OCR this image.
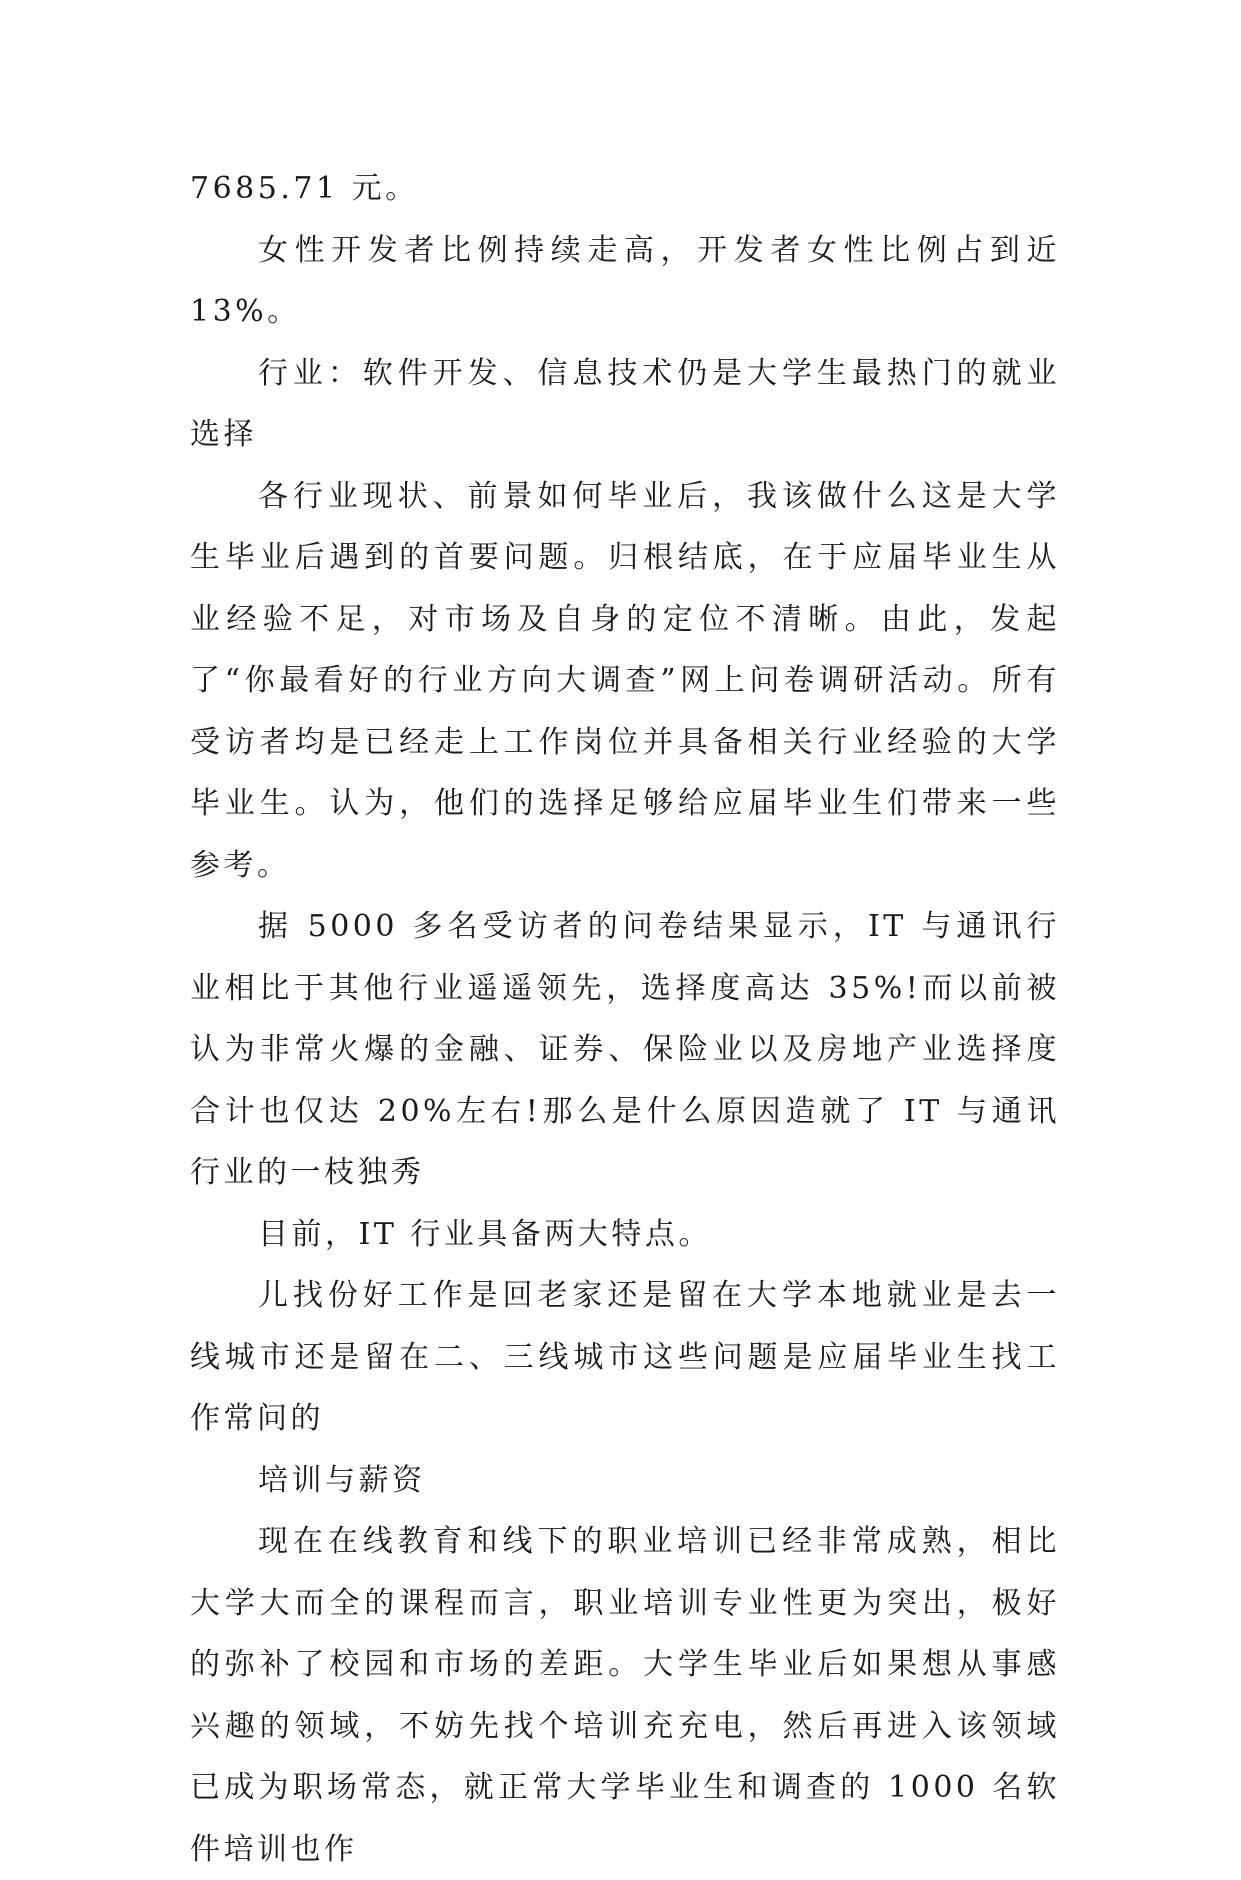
7685.71 元。

女性开发者比例持续走高，开发者女性比例占到近 13%。

行业：软件开发、信息技术仍是大学生最热门的就业选择

各行业现状、前景如何毕业后，我该做什么这是大学生毕业后遇到的首要问题。归根结底，在于应届毕业生从业经验不足，对市场及自身的定位不清晰。由此，发起了“你最看好的行业方向大调查”网上问卷调研活动。所有受访者均是已经走上工作岗位并具备相关行业经验的大学毕业生。认为，他们的选择足够给应届毕业生们带来一些参考。

据 5000 多名受访者的问卷结果显示，IT 与通讯行业相比于其他行业遥遥领先，选择度高达 35%!而以前被认为非常火爆的金融、证券、保险业以及房地产业选择度合计也仅达 20%左右!那么是什么原因造就了 IT 与通讯行业的一枝独秀

目前，IT 行业具备两大特点。

儿找份好工作是回老家还是留在大学本地就业是去一线城市还是留在二、三线城市这些问题是应届毕业生找工作常问的

培训与薪资

现在在线教育和线下的职业培训已经非常成熟，相比大学大而全的课程而言，职业培训专业性更为突出，极好的弥补了校园和市场的差距。大学生毕业后如果想从事感兴趣的领域，不妨先找个培训充充电，然后再进入该领域已成为职场常态，就正常大学毕业生和调查的 1000 名软件培训也作
